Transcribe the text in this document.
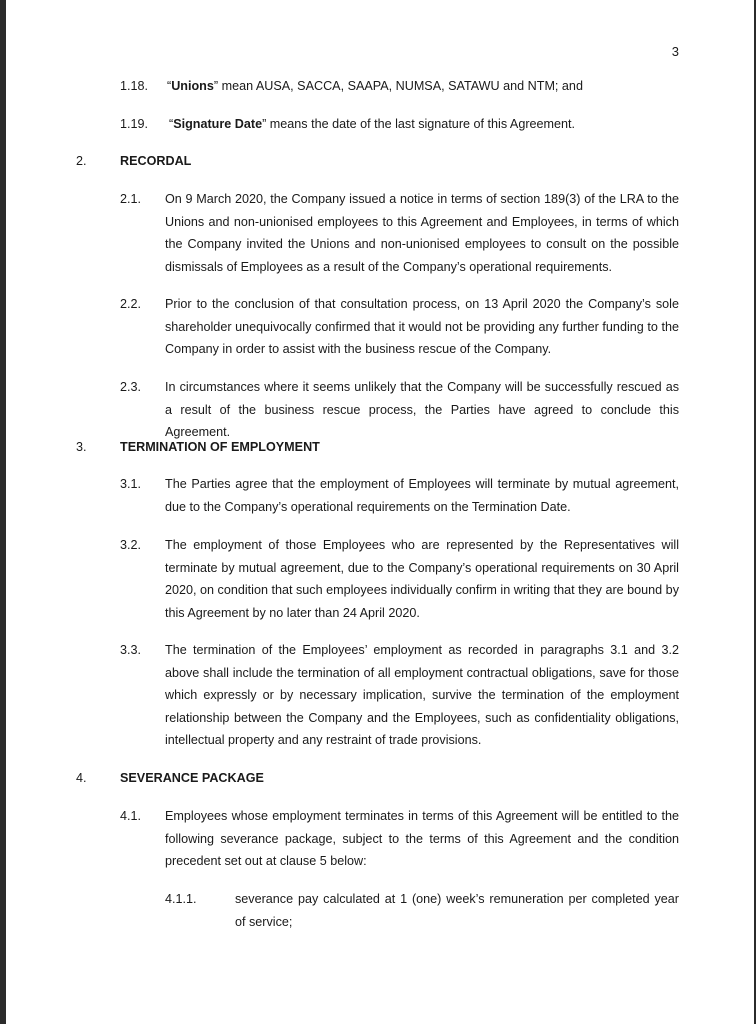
3
1.18. “Unions” mean AUSA, SACCA, SAAPA, NUMSA, SATAWU and NTM; and
1.19. “Signature Date” means the date of the last signature of this Agreement.
2.	RECORDAL
2.1. On 9 March 2020, the Company issued a notice in terms of section 189(3) of the LRA to the Unions and non-unionised employees to this Agreement and Employees, in terms of which the Company invited the Unions and non-unionised employees to consult on the possible dismissals of Employees as a result of the Company’s operational requirements.
2.2. Prior to the conclusion of that consultation process, on 13 April 2020 the Company’s sole shareholder unequivocally confirmed that it would not be providing any further funding to the Company in order to assist with the business rescue of the Company.
2.3. In circumstances where it seems unlikely that the Company will be successfully rescued as a result of the business rescue process, the Parties have agreed to conclude this Agreement.
3.	TERMINATION OF EMPLOYMENT
3.1. The Parties agree that the employment of Employees will terminate by mutual agreement, due to the Company’s operational requirements on the Termination Date.
3.2. The employment of those Employees who are represented by the Representatives will terminate by mutual agreement, due to the Company’s operational requirements on 30 April 2020, on condition that such employees individually confirm in writing that they are bound by this Agreement by no later than 24 April 2020.
3.3. The termination of the Employees’ employment as recorded in paragraphs 3.1 and 3.2 above shall include the termination of all employment contractual obligations, save for those which expressly or by necessary implication, survive the termination of the employment relationship between the Company and the Employees, such as confidentiality obligations, intellectual property and any restraint of trade provisions.
4.	SEVERANCE PACKAGE
4.1. Employees whose employment terminates in terms of this Agreement will be entitled to the following severance package, subject to the terms of this Agreement and the condition precedent set out at clause 5 below:
4.1.1.	severance pay calculated at 1 (one) week’s remuneration per completed year of service;
